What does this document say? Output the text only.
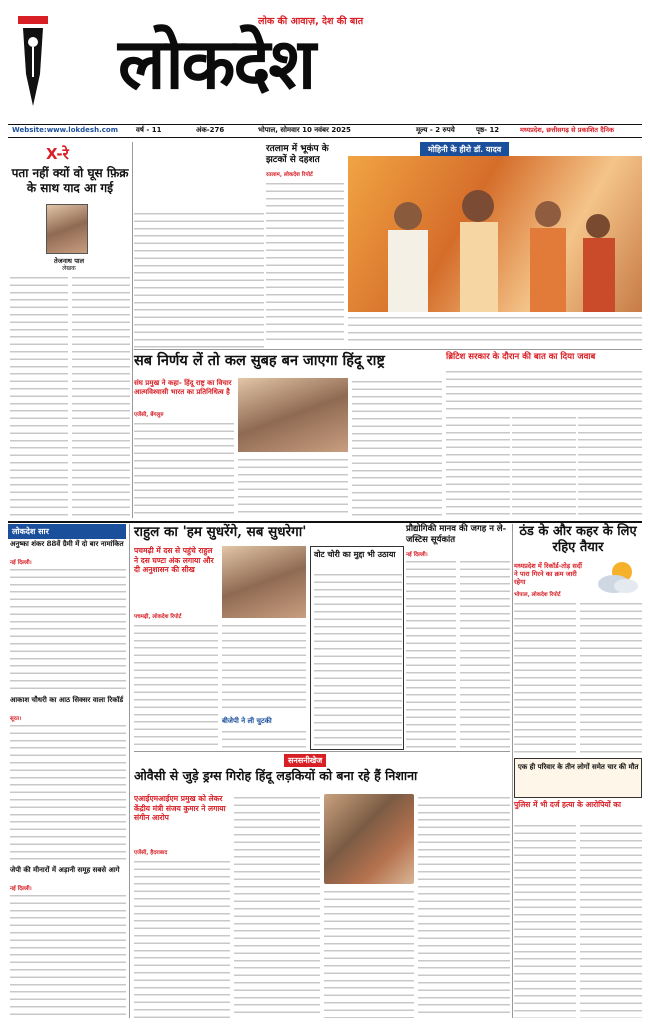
लोक की आवाज़, देश की बात
लोकदेश
Website:www.lokdesh.com	वर्ष - 11	अंक-276	भोपाल, सोमवार 10 नवंबर 2025	मूल्य - 2 रुपये	पृष्ठ- 12	मध्यप्रदेश, छत्तीसगढ़ से प्रकाशित दैनिक
X-रे
पता नहीं क्यों वो घूस फ़िक्र के साथ याद आ गई
तेजनाथ पाल
लेखक
रतलाम में भूकंप के झटकों से दहशत
रतलाम, लोकदेश रिपोर्ट
मोहिनी के हीरो डॉ. यादव
सब निर्णय लें तो कल सुबह बन जाएगा हिंदू राष्ट्र
संघ प्रमुख ने कहा- हिंदू राष्ट्र का विचार आत्मविश्वासी भारत का प्रतिनिधित्व है
एजेंसी, बेंगलुरु
ब्रिटिश सरकार के दौरान की बात का दिया जवाब
लोकदेश सार
अनुष्का शंकर 88वें ग्रैमी में दो बार नामांकित
नई दिल्ली।
आकाश चौधरी का आठ सिक्सर वाला रिकॉर्ड
सूरत।
जेपी की मीनारों में अड़ानी समूह सबसे आगे
नई दिल्ली।
राहुल का 'हम सुधरेंगे, सब सुधरेगा'
पचमढ़ी में दस से पहुंचे राहुल ने दस घण्टा अंक लगाया और दी अनुशासन की सीख
पचमढ़ी, लोकदेश रिपोर्ट
वोट चोरी का मुद्दा भी उठाया
बीजेपी ने ली चुटकी
प्रौद्योगिकी मानव की जगह न ले- जस्टिस सूर्यकांत
नई दिल्ली।
ठंड के और कहर के लिए रहिए तैयार
मध्यप्रदेश में रिकॉर्ड-तोड़ सर्दी ने पारा गिरने का क्रम जारी रहेगा
भोपाल, लोकदेश रिपोर्ट
एक ही परिवार के तीन लोगों समेत चार की मौत
सनसनीखेज
ओवैसी से जुड़े ड्रग्स गिरोह हिंदू लड़कियों को बना रहे हैं निशाना
एआईएमआईएम प्रमुख को लेकर केंद्रीय मंत्री संजय कुमार ने लगाया संगीन आरोप
एजेंसी, हैदराबाद
पुलिस में भी दर्ज हत्या के आरोपियों का
